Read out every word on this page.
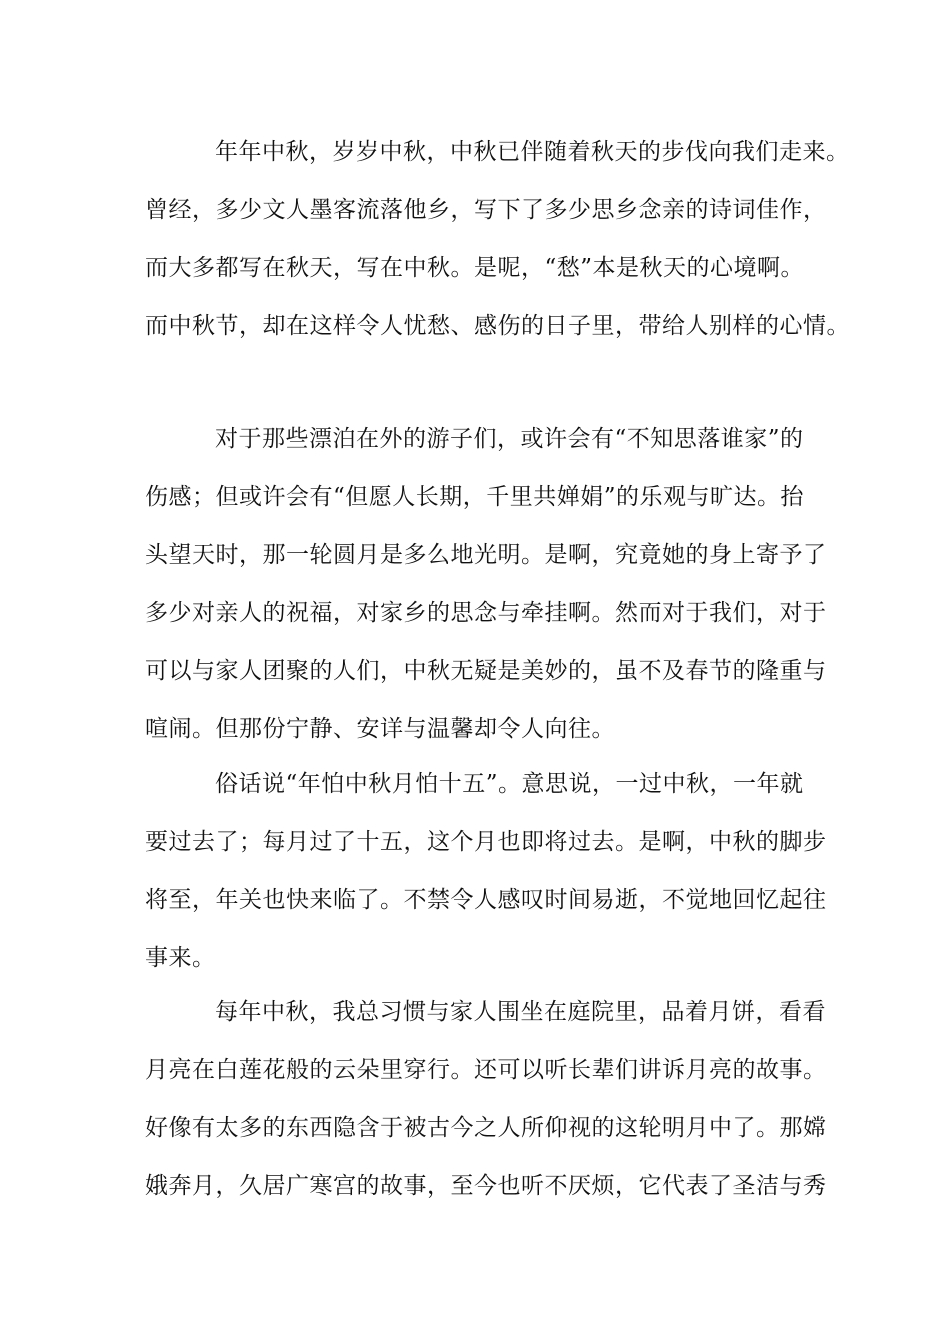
年年中秋，岁岁中秋，中秋已伴随着秋天的步伐向我们走来。
曾经，多少文人墨客流落他乡，写下了多少思乡念亲的诗词佳作，
而大多都写在秋天，写在中秋。是呢，“愁”本是秋天的心境啊。
而中秋节，却在这样令人忧愁、感伤的日子里，带给人别样的心情。
对于那些漂泊在外的游子们，或许会有“不知思落谁家”的
伤感；但或许会有“但愿人长期，千里共婵娟”的乐观与旷达。抬
头望天时，那一轮圆月是多么地光明。是啊，究竟她的身上寄予了
多少对亲人的祝福，对家乡的思念与牵挂啊。然而对于我们，对于
可以与家人团聚的人们，中秋无疑是美妙的，虽不及春节的隆重与
喧闹。但那份宁静、安详与温馨却令人向往。
俗话说“年怕中秋月怕十五”。意思说，一过中秋，一年就
要过去了；每月过了十五，这个月也即将过去。是啊，中秋的脚步
将至，年关也快来临了。不禁令人感叹时间易逝，不觉地回忆起往
事来。
每年中秋，我总习惯与家人围坐在庭院里，品着月饼，看看
月亮在白莲花般的云朵里穿行。还可以听长辈们讲诉月亮的故事。
好像有太多的东西隐含于被古今之人所仰视的这轮明月中了。那嫦
娥奔月，久居广寒宫的故事，至今也听不厌烦，它代表了圣洁与秀
